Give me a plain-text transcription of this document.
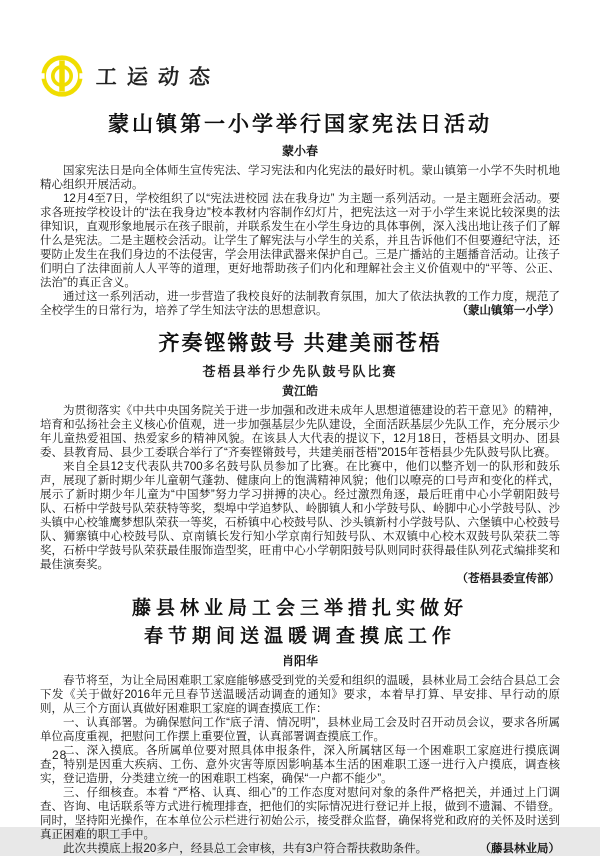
工运动态
蒙山镇第一小学举行国家宪法日活动
蒙小春

国家宪法日是向全体师生宣传宪法、学习宪法和内化宪法的最好时机。蒙山镇第一小学不失时机地精心组织开展活动。

12月4至7日，学校组织了以“宪法进校园 法在我身边” 为主题一系列活动。一是主题班会活动。要求各班按学校设计的“法在我身边”校本教材内容制作幻灯片，把宪法这一对于小学生来说比较深奥的法律知识，直观形象地展示在孩子眼前，并联系发生在小学生身边的具体事例，深入浅出地让孩子们了解什么是宪法。二是主题校会活动。让学生了解宪法与小学生的关系，并且告诉他们不但要遵纪守法，还要防止发生在我们身边的不法侵害，学会用法律武器来保护自己。三是广播站的主题播音活动。让孩子们明白了法律面前人人平等的道理，更好地帮助孩子们内化和理解社会主义价值观中的“平等、公正、法治”的真正含义。

通过这一系列活动，进一步营造了我校良好的法制教育氛围，加大了依法执教的工作力度，规范了全校学生的日常行为，培养了学生知法守法的思想意识。	（蒙山镇第一小学）

齐奏铿锵鼓号 共建美丽苍梧
苍梧县举行少先队鼓号队比赛
黄江皓

为贯彻落实《中共中央国务院关于进一步加强和改进未成年人思想道德建设的若干意见》的精神，培育和弘扬社会主义核心价值观，进一步加强基层少先队建设，全面活跃基层少先队工作，充分展示少年儿童热爱祖国、热爱家乡的精神风貌。在该县人大代表的提议下，12月18日，苍梧县文明办、团县委、县教育局、县少工委联合举行了“齐奏铿锵鼓号，共建美丽苍梧”2015年苍梧县少先队鼓号队比赛。

来自全县12支代表队共700多名鼓号队员参加了比赛。在比赛中，他们以整齐划一的队形和鼓乐声，展现了新时期少年儿童朝气蓬勃、健康向上的饱满精神风貌；他们以嘹亮的口号声和变化的样式，展示了新时期少年儿童为“中国梦”努力学习拼搏的决心。经过激烈角逐，最后旺甫中心小学朝阳鼓号队、石桥中学鼓号队荣获特等奖，梨埠中学追梦队、岭脚镇人和小学鼓号队、岭脚中心小学鼓号队、沙头镇中心校雏鹰梦想队荣获一等奖，石桥镇中心校鼓号队、沙头镇新村小学鼓号队、六堡镇中心校鼓号队、狮寨镇中心校鼓号队、京南镇长发行知小学京南行知鼓号队、木双镇中心校木双鼓号队荣获二等奖，石桥中学鼓号队荣获最佳服饰造型奖，旺甫中心小学朝阳鼓号队则同时获得最佳队列花式编排奖和最佳演奏奖。

（苍梧县委宣传部）

藤县林业局工会三举措扎实做好
春节期间送温暖调查摸底工作
肖阳华

春节将至，为让全局困难职工家庭能够感受到党的关爱和组织的温暖，县林业局工会结合县总工会下发《关于做好2016年元旦春节送温暖活动调查的通知》要求，本着早打算、早安排、早行动的原则，从三个方面认真做好困难职工家庭的调查摸底工作：

一、认真部署。为确保慰问工作“底子清、情况明”，县林业局工会及时召开动员会议，要求各所属单位高度重视，把慰问工作摆上重要位置，认真部署调查摸底工作。

二、深入摸底。各所属单位要对照具体申报条件，深入所属辖区每一个困难职工家庭进行摸底调查，特别是因重大疾病、工伤、意外灾害等原因影响基本生活的困难职工逐一进行入户摸底，调查核实，登记造册，分类建立统一的困难职工档案，确保“一户都不能少”。

三、仔细核查。本着 “严格、认真、细心”的工作态度对慰问对象的条件严格把关，并通过上门调查、咨询、电话联系等方式进行梳理排查，把他们的实际情况进行登记并上报，做到不遗漏、不错登。同时，坚持阳光操作，在本单位公示栏进行初始公示，接受群众监督，确保将党和政府的关怀及时送到真正困难的职工手中。

此次共摸底上报20多户，经县总工会审核，共有3户符合帮扶救助条件。	（藤县林业局）

28
